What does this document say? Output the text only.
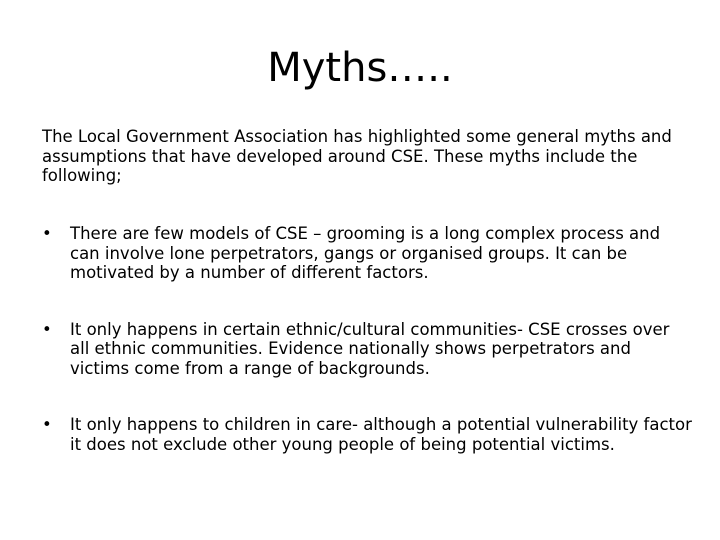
Myths…..

The Local Government Association has highlighted some general myths and assumptions that have developed around CSE. These myths include the following;

•	There are few models of CSE – grooming is a long complex process and can involve lone perpetrators, gangs or organised groups. It can be motivated by a number of different factors.
•	It only happens in certain ethnic/cultural communities- CSE crosses over all ethnic communities. Evidence nationally shows perpetrators and victims come from a range of backgrounds.
•	It only happens to children in care- although a potential vulnerability factor it does not exclude other young people of being potential victims.
